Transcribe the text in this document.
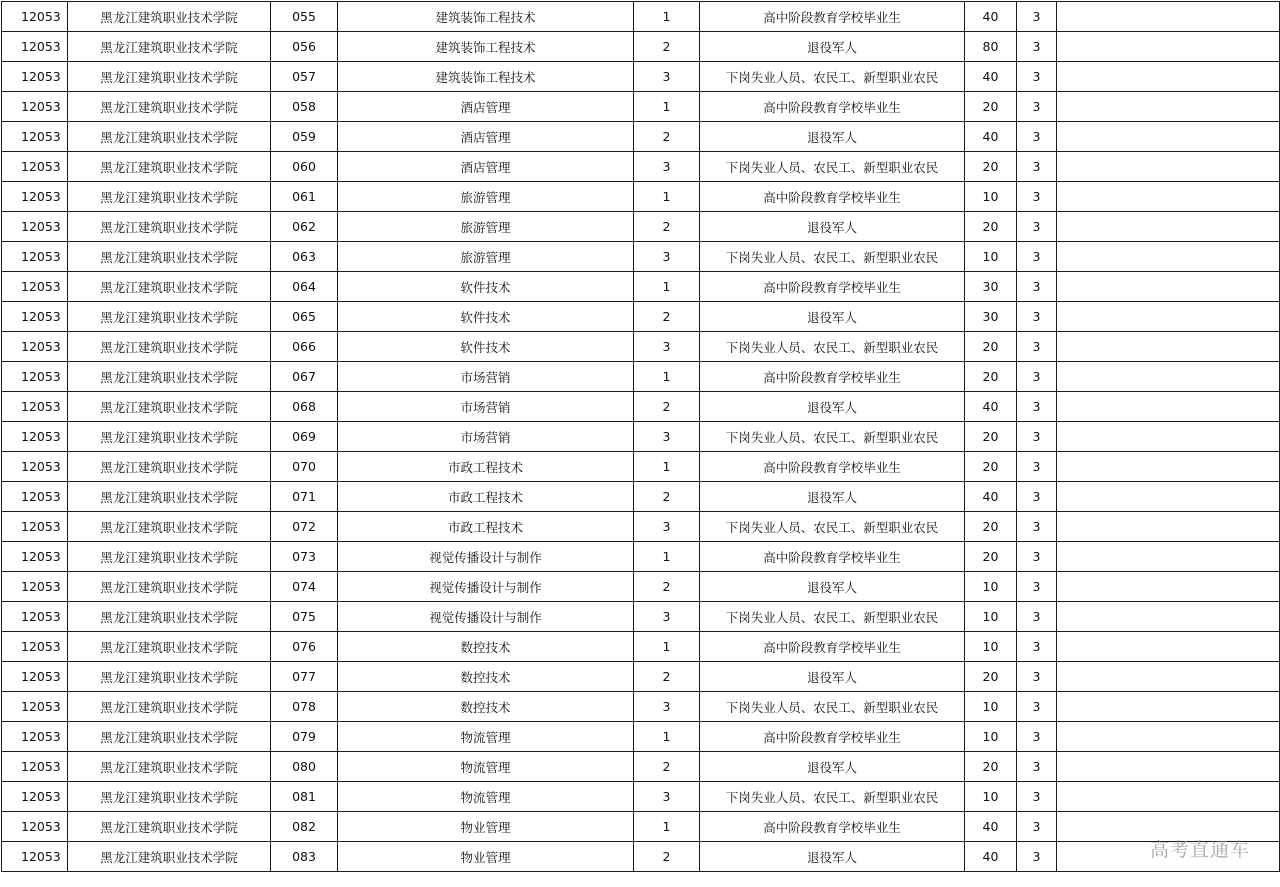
12053	黑龙江建筑职业技术学院	055	建筑装饰工程技术	1	高中阶段教育学校毕业生	40	3	
12053	黑龙江建筑职业技术学院	056	建筑装饰工程技术	2	退役军人	80	3	
12053	黑龙江建筑职业技术学院	057	建筑装饰工程技术	3	下岗失业人员、农民工、新型职业农民	40	3	
12053	黑龙江建筑职业技术学院	058	酒店管理	1	高中阶段教育学校毕业生	20	3	
12053	黑龙江建筑职业技术学院	059	酒店管理	2	退役军人	40	3	
12053	黑龙江建筑职业技术学院	060	酒店管理	3	下岗失业人员、农民工、新型职业农民	20	3	
12053	黑龙江建筑职业技术学院	061	旅游管理	1	高中阶段教育学校毕业生	10	3	
12053	黑龙江建筑职业技术学院	062	旅游管理	2	退役军人	20	3	
12053	黑龙江建筑职业技术学院	063	旅游管理	3	下岗失业人员、农民工、新型职业农民	10	3	
12053	黑龙江建筑职业技术学院	064	软件技术	1	高中阶段教育学校毕业生	30	3	
12053	黑龙江建筑职业技术学院	065	软件技术	2	退役军人	30	3	
12053	黑龙江建筑职业技术学院	066	软件技术	3	下岗失业人员、农民工、新型职业农民	20	3	
12053	黑龙江建筑职业技术学院	067	市场营销	1	高中阶段教育学校毕业生	20	3	
12053	黑龙江建筑职业技术学院	068	市场营销	2	退役军人	40	3	
12053	黑龙江建筑职业技术学院	069	市场营销	3	下岗失业人员、农民工、新型职业农民	20	3	
12053	黑龙江建筑职业技术学院	070	市政工程技术	1	高中阶段教育学校毕业生	20	3	
12053	黑龙江建筑职业技术学院	071	市政工程技术	2	退役军人	40	3	
12053	黑龙江建筑职业技术学院	072	市政工程技术	3	下岗失业人员、农民工、新型职业农民	20	3	
12053	黑龙江建筑职业技术学院	073	视觉传播设计与制作	1	高中阶段教育学校毕业生	20	3	
12053	黑龙江建筑职业技术学院	074	视觉传播设计与制作	2	退役军人	10	3	
12053	黑龙江建筑职业技术学院	075	视觉传播设计与制作	3	下岗失业人员、农民工、新型职业农民	10	3	
12053	黑龙江建筑职业技术学院	076	数控技术	1	高中阶段教育学校毕业生	10	3	
12053	黑龙江建筑职业技术学院	077	数控技术	2	退役军人	20	3	
12053	黑龙江建筑职业技术学院	078	数控技术	3	下岗失业人员、农民工、新型职业农民	10	3	
12053	黑龙江建筑职业技术学院	079	物流管理	1	高中阶段教育学校毕业生	10	3	
12053	黑龙江建筑职业技术学院	080	物流管理	2	退役军人	20	3	
12053	黑龙江建筑职业技术学院	081	物流管理	3	下岗失业人员、农民工、新型职业农民	10	3	
12053	黑龙江建筑职业技术学院	082	物业管理	1	高中阶段教育学校毕业生	40	3	
12053	黑龙江建筑职业技术学院	083	物业管理	2	退役军人	40	3		高考直通车
